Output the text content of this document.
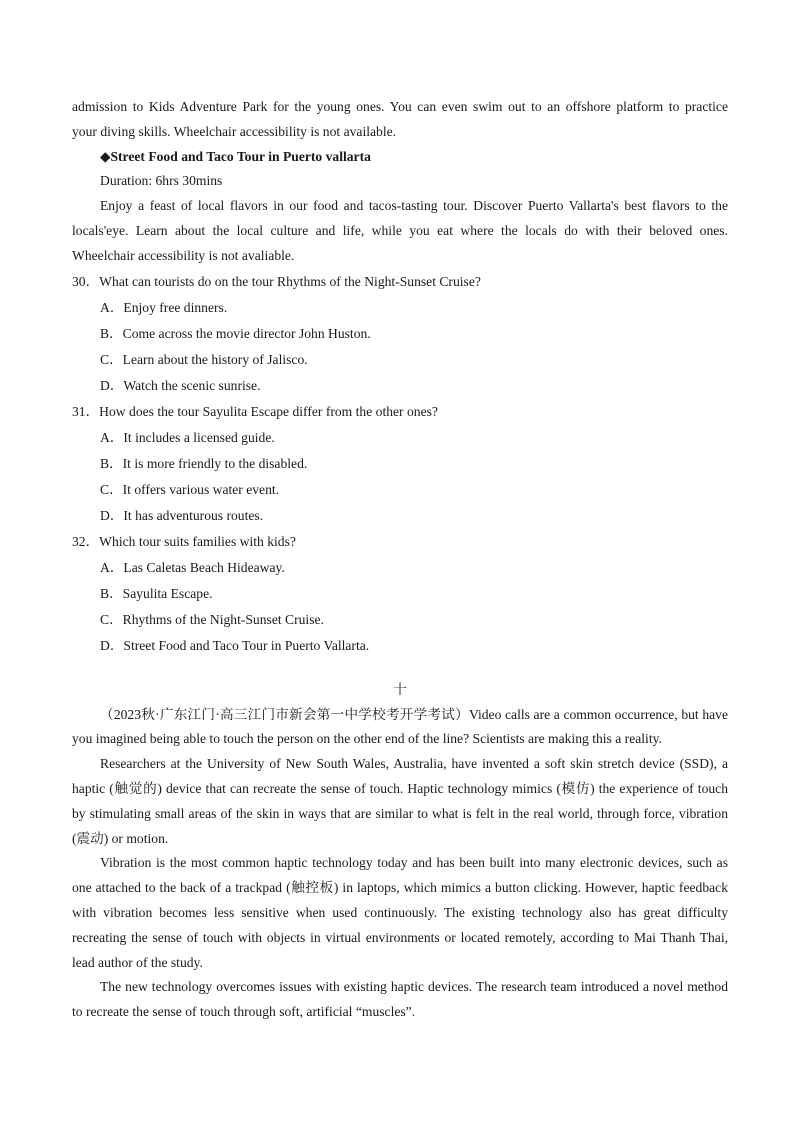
admission to Kids Adventure Park for the young ones. You can even swim out to an offshore platform to practice

your diving skills. Wheelchair accessibility is not available.

◆Street Food and Taco Tour in Puerto vallarta

Duration: 6hrs 30mins

Enjoy a feast of local flavors in our food and tacos-tasting tour. Discover Puerto Vallarta's best flavors to the

locals'eye. Learn about the local culture and life, while you eat where the locals do with their beloved ones.

Wheelchair accessibility is not avaliable.

30．What can tourists do on the tour Rhythms of the Night-Sunset Cruise?

A．Enjoy free dinners.

B．Come across the movie director John Huston.

C．Learn about the history of Jalisco.

D．Watch the scenic sunrise.

31．How does the tour Sayulita Escape differ from the other ones?

A．It includes a licensed guide.

B．It is more friendly to the disabled.

C．It offers various water event.

D．It has adventurous routes.

32．Which tour suits families with kids?

A．Las Caletas Beach Hideaway.

B．Sayulita Escape.

C．Rhythms of the Night-Sunset Cruise.

D．Street Food and Taco Tour in Puerto Vallarta.

十

（2023秋·广东江门·高三江门市新会第一中学校考开学考试）Video calls are a common occurrence, but have you imagined being able to touch the person on the other end of the line? Scientists are making this a reality.

Researchers at the University of New South Wales, Australia, have invented a soft skin stretch device (SSD), a haptic (触觉的) device that can recreate the sense of touch. Haptic technology mimics (模仿) the experience of touch by stimulating small areas of the skin in ways that are similar to what is felt in the real world, through force, vibration (震动) or motion.

Vibration is the most common haptic technology today and has been built into many electronic devices, such as one attached to the back of a trackpad (触控板) in laptops, which mimics a button clicking. However, haptic feedback with vibration becomes less sensitive when used continuously. The existing technology also has great difficulty recreating the sense of touch with objects in virtual environments or located remotely, according to Mai Thanh Thai, lead author of the study.

The new technology overcomes issues with existing haptic devices. The research team introduced a novel method to recreate the sense of touch through soft, artificial “muscles”.
